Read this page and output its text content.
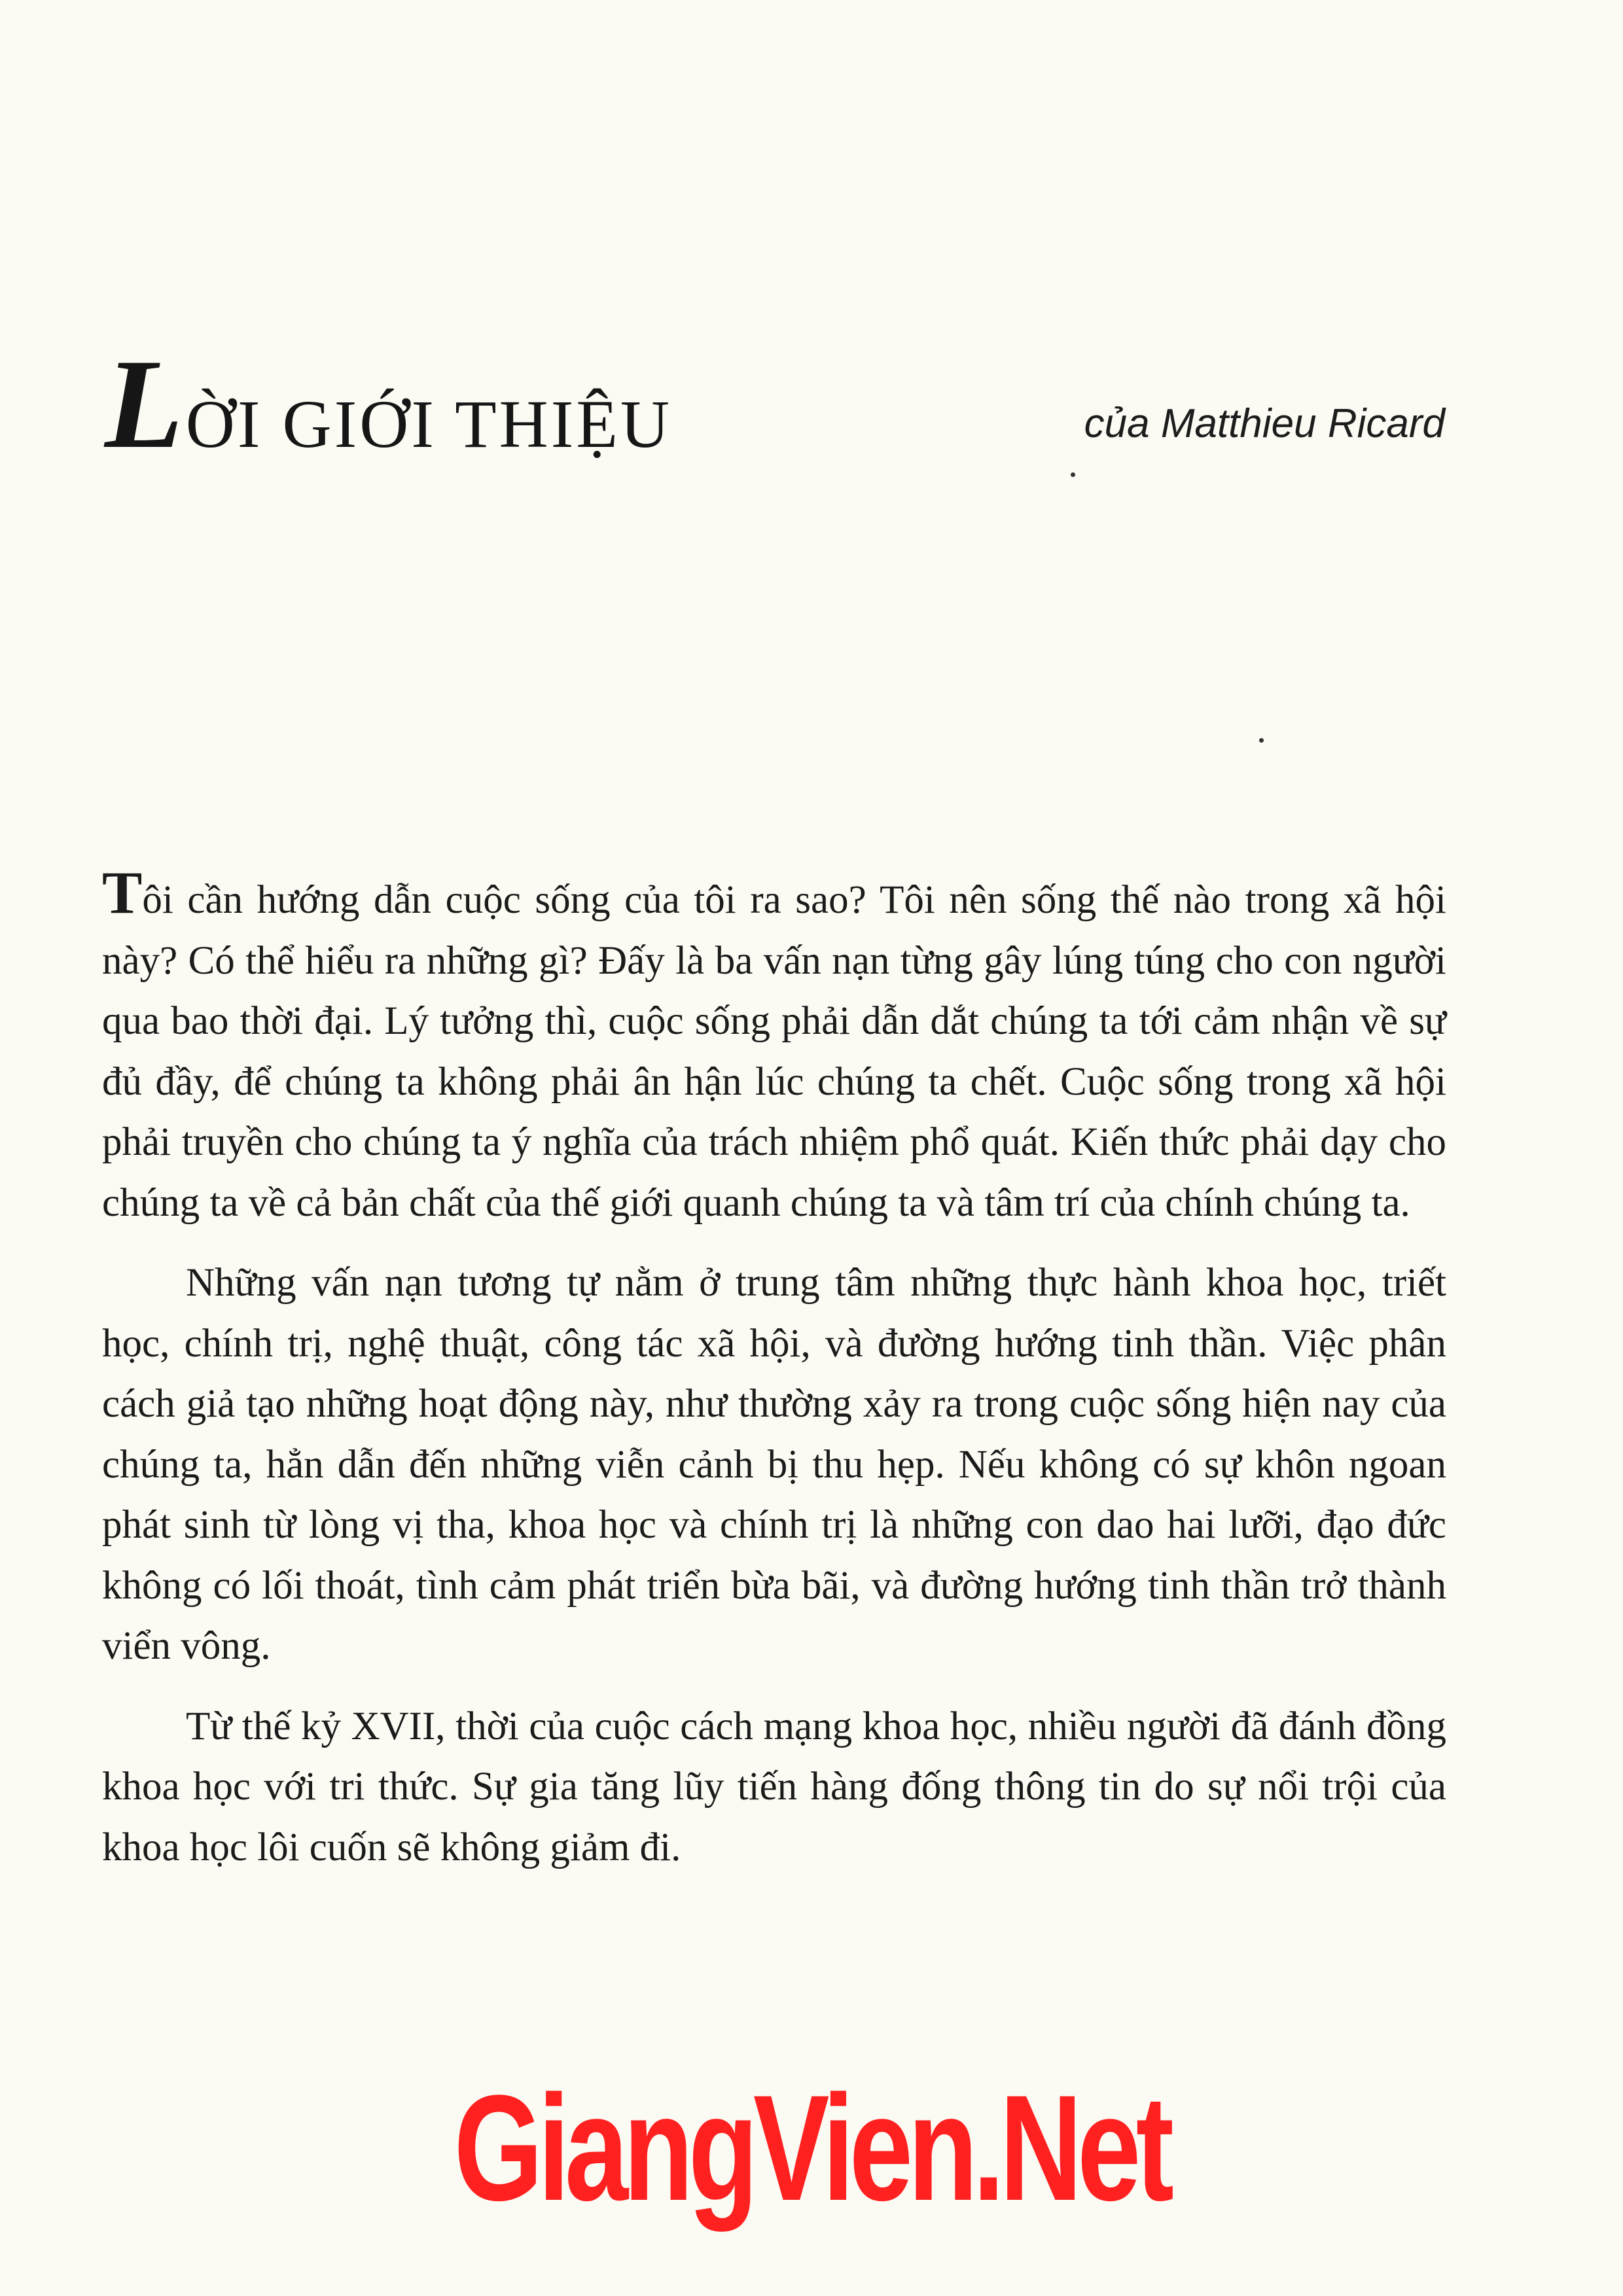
LỜI GIỚI THIỆU	của Matthieu Ricard

Tôi cần hướng dẫn cuộc sống của tôi ra sao? Tôi nên sống thế nào trong xã hội này? Có thể hiểu ra những gì? Đấy là ba vấn nạn từng gây lúng túng cho con người qua bao thời đại. Lý tưởng thì, cuộc sống phải dẫn dắt chúng ta tới cảm nhận về sự đủ đầy, để chúng ta không phải ân hận lúc chúng ta chết. Cuộc sống trong xã hội phải truyền cho chúng ta ý nghĩa của trách nhiệm phổ quát. Kiến thức phải dạy cho chúng ta về cả bản chất của thế giới quanh chúng ta và tâm trí của chính chúng ta.

Những vấn nạn tương tự nằm ở trung tâm những thực hành khoa học, triết học, chính trị, nghệ thuật, công tác xã hội, và đường hướng tinh thần. Việc phân cách giả tạo những hoạt động này, như thường xảy ra trong cuộc sống hiện nay của chúng ta, hẳn dẫn đến những viễn cảnh bị thu hẹp. Nếu không có sự khôn ngoan phát sinh từ lòng vị tha, khoa học và chính trị là những con dao hai lưỡi, đạo đức không có lối thoát, tình cảm phát triển bừa bãi, và đường hướng tinh thần trở thành viển vông.

Từ thế kỷ XVII, thời của cuộc cách mạng khoa học, nhiều người đã đánh đồng khoa học với tri thức. Sự gia tăng lũy tiến hàng đống thông tin do sự nổi trội của khoa học lôi cuốn sẽ không giảm đi.

GiangVien.Net
